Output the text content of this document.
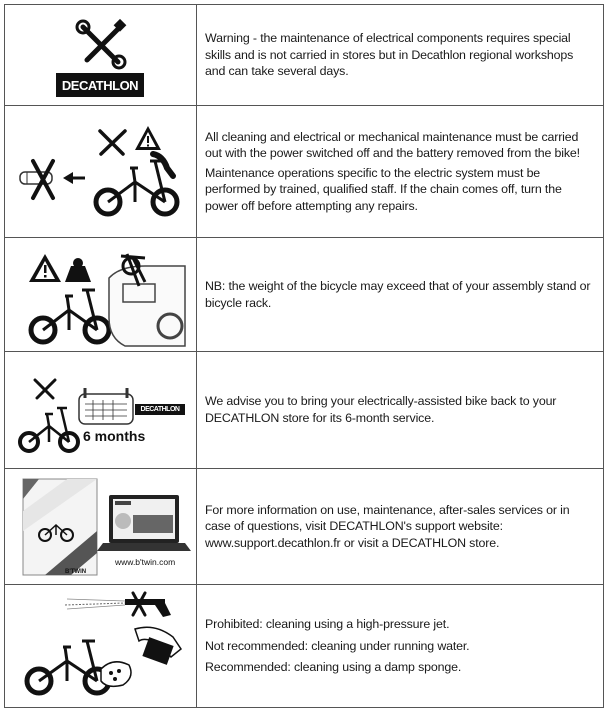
DECATHLON

Warning - the maintenance of electrical components requires special skills and is not carried in stores but in Decathlon regional workshops and can take several days.

All cleaning and electrical or mechanical maintenance must be carried out with the power switched off and the battery removed from the bike!

Maintenance operations specific to the electric system must be performed by trained, qualified staff. If the chain comes off, turn the power off before attempting any repairs.

NB: the weight of the bicycle may exceed that of your assembly stand or bicycle rack.

DECATHLON
6 months

We advise you to bring your electrically-assisted bike back to your DECATHLON store for its 6-month service.

B'TWIN
www.b'twin.com

For more information on use, maintenance, after-sales services or in case of questions, visit DECATHLON's support website: www.support.decathlon.fr or visit a DECATHLON store.

Prohibited: cleaning using a high-pressure jet.

Not recommended: cleaning under running water.

Recommended: cleaning using a damp sponge.
